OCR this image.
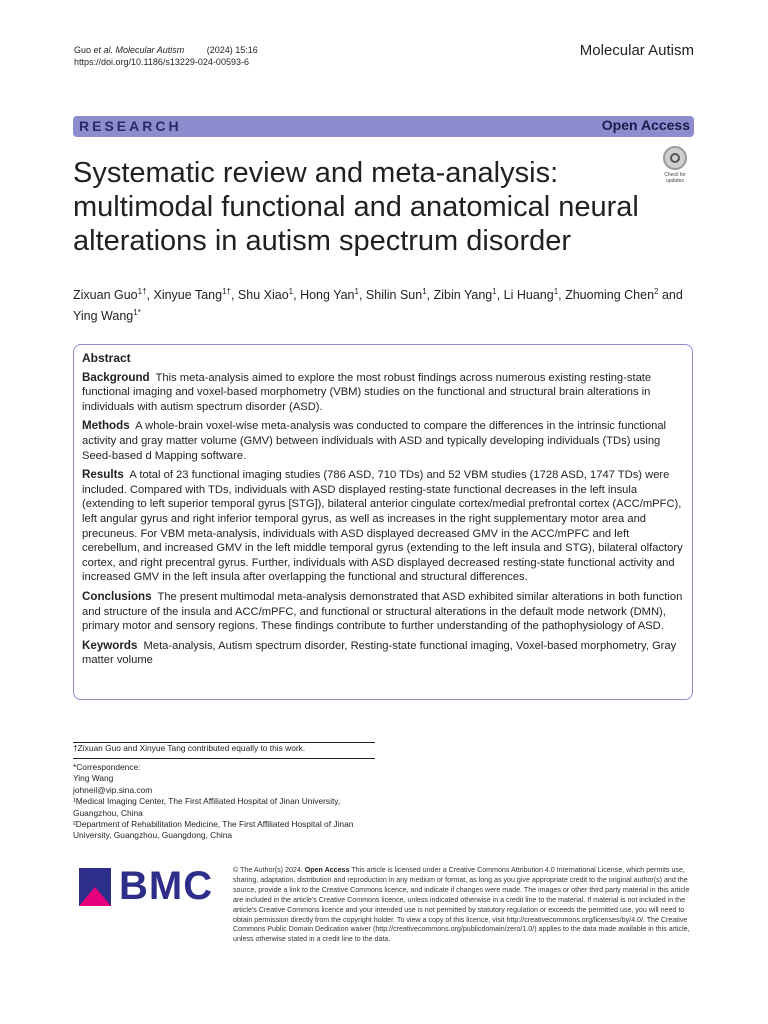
Guo et al. Molecular Autism	(2024) 15:16
https://doi.org/10.1186/s13229-024-00593-6
Molecular Autism
RESEARCH	Open Access
Check for
updates
Systematic review and meta-analysis: multimodal functional and anatomical neural alterations in autism spectrum disorder
Zixuan Guo$^{1\dagger}$, Xinyue Tang$^{1\dagger}$, Shu Xiao$^1$, Hong Yan$^1$, Shilin Sun$^1$, Zibin Yang$^1$, Li Huang$^1$, Zhuoming Chen$^2$ and Ying Wang$^{1*}$
Abstract

Background This meta-analysis aimed to explore the most robust findings across numerous existing resting-state functional imaging and voxel-based morphometry (VBM) studies on the functional and structural brain alterations in individuals with autism spectrum disorder (ASD).

Methods A whole-brain voxel-wise meta-analysis was conducted to compare the differences in the intrinsic functional activity and gray matter volume (GMV) between individuals with ASD and typically developing individuals (TDs) using Seed-based d Mapping software.

Results A total of 23 functional imaging studies (786 ASD, 710 TDs) and 52 VBM studies (1728 ASD, 1747 TDs) were included. Compared with TDs, individuals with ASD displayed resting-state functional decreases in the left insula (extending to left superior temporal gyrus [STG]), bilateral anterior cingulate cortex/medial prefrontal cortex (ACC/mPFC), left angular gyrus and right inferior temporal gyrus, as well as increases in the right supplementary motor area and precuneus. For VBM meta-analysis, individuals with ASD displayed decreased GMV in the ACC/mPFC and left cerebellum, and increased GMV in the left middle temporal gyrus (extending to the left insula and STG), bilateral olfactory cortex, and right precentral gyrus. Further, individuals with ASD displayed decreased resting-state functional activity and increased GMV in the left insula after overlapping the functional and structural differences.

Conclusions The present multimodal meta-analysis demonstrated that ASD exhibited similar alterations in both function and structure of the insula and ACC/mPFC, and functional or structural alterations in the default mode network (DMN), primary motor and sensory regions. These findings contribute to further understanding of the pathophysiology of ASD.

Keywords Meta-analysis, Autism spectrum disorder, Resting-state functional imaging, Voxel-based morphometry, Gray matter volume

†Zixuan Guo and Xinyue Tang contributed equally to this work.
*Correspondence:
Ying Wang
johneil@vip.sina.com
¹Medical Imaging Center, The First Affiliated Hospital of Jinan University, Guangzhou, China
²Department of Rehabilitation Medicine, The First Affiliated Hospital of Jinan University, Guangzhou, Guangdong, China
BMC	© The Author(s) 2024. Open Access This article is licensed under a Creative Commons Attribution 4.0 International License, which permits use, sharing, adaptation, distribution and reproduction in any medium or format, as long as you give appropriate credit to the original author(s) and the source, provide a link to the Creative Commons licence, and indicate if changes were made. The images or other third party material in this article are included in the article's Creative Commons licence, unless indicated otherwise in a credit line to the material. If material is not included in the article's Creative Commons licence and your intended use is not permitted by statutory regulation or exceeds the permitted use, you will need to obtain permission directly from the copyright holder. To view a copy of this licence, visit http://creativecommons.org/licenses/by/4.0/. The Creative Commons Public Domain Dedication waiver (http://creativecommons.org/publicdomain/zero/1.0/) applies to the data made available in this article, unless otherwise stated in a credit line to the data.
